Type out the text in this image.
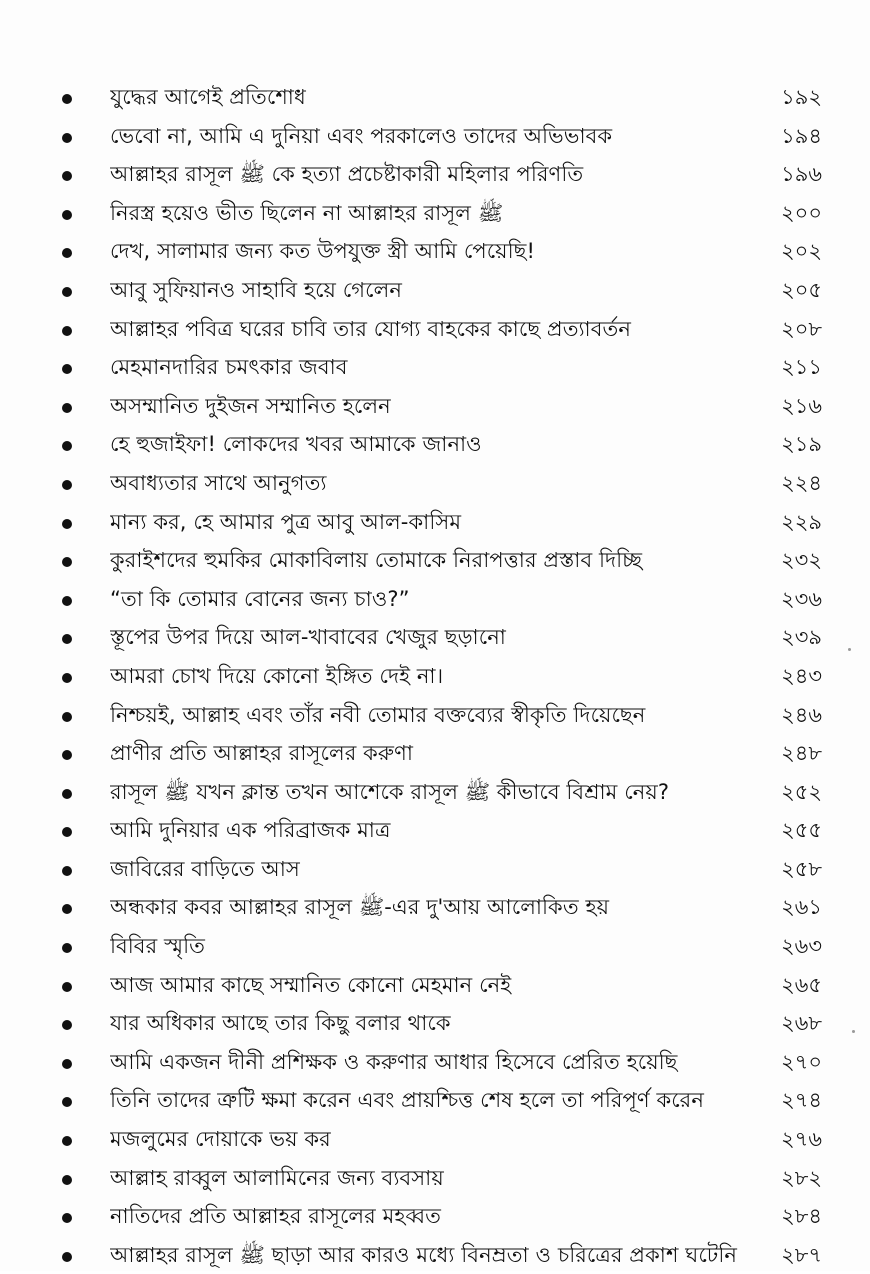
যুদ্ধের আগেই প্রতিশোধ	১৯২
ভেবো না, আমি এ দুনিয়া এবং পরকালেও তাদের অভিভাবক	১৯৪
আল্লাহর রাসূল ﷺ কে হত্যা প্রচেষ্টাকারী মহিলার পরিণতি	১৯৬
নিরস্ত্র হয়েও ভীত ছিলেন না আল্লাহর রাসূল ﷺ	২০০
দেখ, সালামার জন্য কত উপযুক্ত স্ত্রী আমি পেয়েছি!	২০২
আবু সুফিয়ানও সাহাবি হয়ে গেলেন	২০৫
আল্লাহর পবিত্র ঘরের চাবি তার যোগ্য বাহকের কাছে প্রত্যাবর্তন	২০৮
মেহমানদারির চমৎকার জবাব	২১১
অসম্মানিত দুইজন সম্মানিত হলেন	২১৬
হে হুজাইফা! লোকদের খবর আমাকে জানাও	২১৯
অবাধ্যতার সাথে আনুগত্য	২২৪
মান্য কর, হে আমার পুত্র আবু আল-কাসিম	২২৯
কুরাইশদের হুমকির মোকাবিলায় তোমাকে নিরাপত্তার প্রস্তাব দিচ্ছি	২৩২
“তা কি তোমার বোনের জন্য চাও?”	২৩৬
স্তূপের উপর দিয়ে আল-খাবাবের খেজুর ছড়ানো	২৩৯
আমরা চোখ দিয়ে কোনো ইঙ্গিত দেই না।	২৪৩
নিশ্চয়ই, আল্লাহ এবং তাঁর নবী তোমার বক্তব্যের স্বীকৃতি দিয়েছেন	২৪৬
প্রাণীর প্রতি আল্লাহর রাসূলের করুণা	২৪৮
রাসূল ﷺ যখন ক্লান্ত তখন আশেকে রাসূল ﷺ কীভাবে বিশ্রাম নেয়?	২৫২
আমি দুনিয়ার এক পরিব্রাজক মাত্র	২৫৫
জাবিরের বাড়িতে আস	২৫৮
অন্ধকার কবর আল্লাহর রাসূল ﷺ-এর দু'আয় আলোকিত হয়	২৬১
বিবির স্মৃতি	২৬৩
আজ আমার কাছে সম্মানিত কোনো মেহমান নেই	২৬৫
যার অধিকার আছে তার কিছু বলার থাকে	২৬৮
আমি একজন দীনী প্রশিক্ষক ও করুণার আধার হিসেবে প্রেরিত হয়েছি	২৭০
তিনি তাদের ত্রুটি ক্ষমা করেন এবং প্রায়শ্চিত্ত শেষ হলে তা পরিপূর্ণ করেন	২৭৪
মজলুমের দোয়াকে ভয় কর	২৭৬
আল্লাহ রাব্বুল আলামিনের জন্য ব্যবসায়	২৮২
নাতিদের প্রতি আল্লাহর রাসূলের মহব্বত	২৮৪
আল্লাহর রাসূল ﷺ ছাড়া আর কারও মধ্যে বিনম্রতা ও চরিত্রের প্রকাশ ঘটেনি	২৮৭
